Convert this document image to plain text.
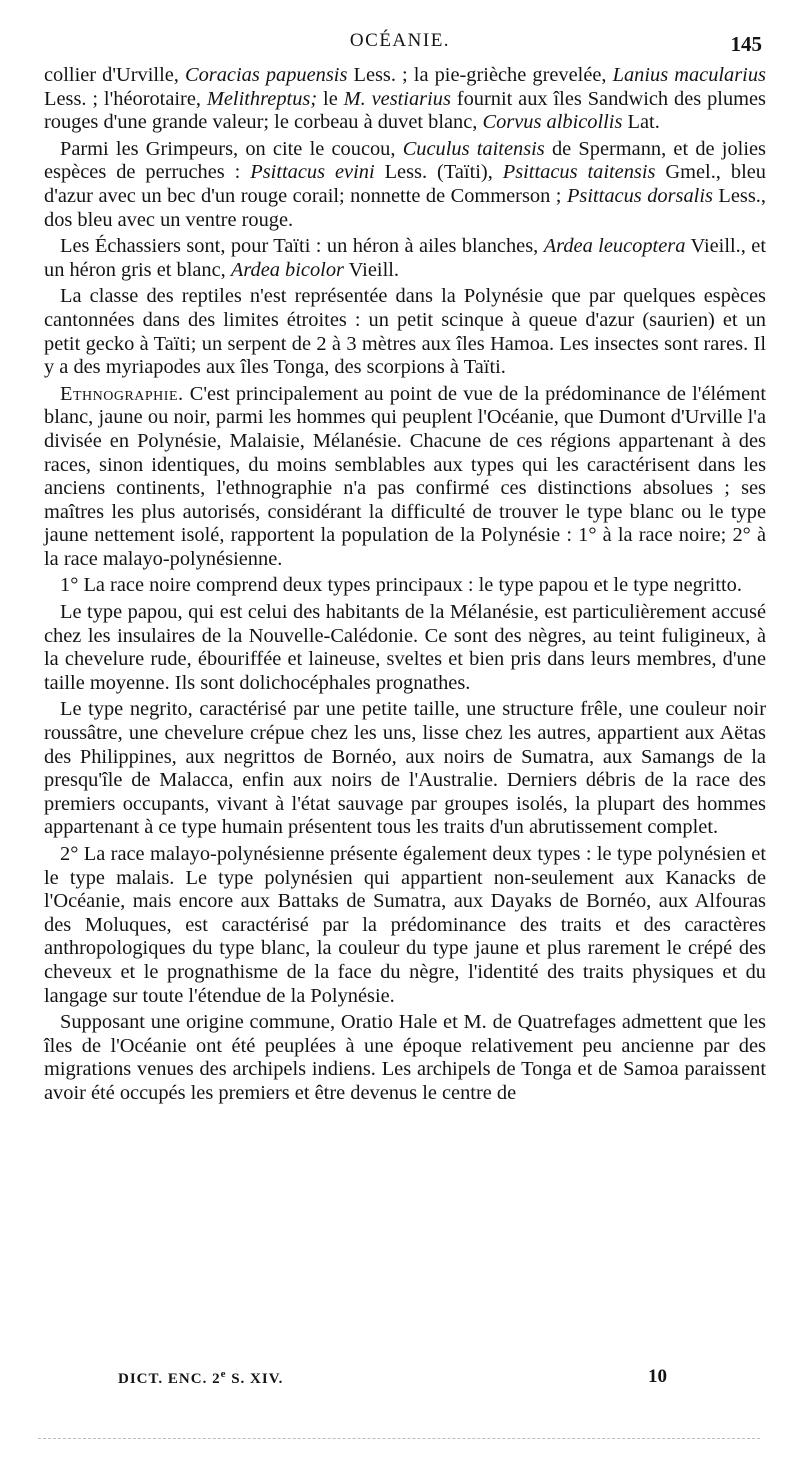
OCÉANIE.	145

collier d'Urville, Coracias papuensis Less. ; la pie-grièche grevelée, Lanius macularius Less. ; l'héorotaire, Melithreptus; le M. vestiarius fournit aux îles Sandwich des plumes rouges d'une grande valeur; le corbeau à duvet blanc, Corvus albicollis Lat.

Parmi les Grimpeurs, on cite le coucou, Cuculus taitensis de Spermann, et de jolies espèces de perruches : Psittacus evini Less. (Taïti), Psittacus taitensis Gmel., bleu d'azur avec un bec d'un rouge corail; nonnette de Commerson ; Psittacus dorsalis Less., dos bleu avec un ventre rouge.

Les Échassiers sont, pour Taïti : un héron à ailes blanches, Ardea leucoptera Vieill., et un héron gris et blanc, Ardea bicolor Vieill.

La classe des reptiles n'est représentée dans la Polynésie que par quelques espèces cantonnées dans des limites étroites : un petit scinque à queue d'azur (saurien) et un petit gecko à Taïti; un serpent de 2 à 3 mètres aux îles Hamoa. Les insectes sont rares. Il y a des myriapodes aux îles Tonga, des scorpions à Taïti.

Ethnographie. C'est principalement au point de vue de la prédominance de l'élément blanc, jaune ou noir, parmi les hommes qui peuplent l'Océanie, que Dumont d'Urville l'a divisée en Polynésie, Malaisie, Mélanésie. Chacune de ces régions appartenant à des races, sinon identiques, du moins semblables aux types qui les caractérisent dans les anciens continents, l'ethnographie n'a pas confirmé ces distinctions absolues ; ses maîtres les plus autorisés, considérant la difficulté de trouver le type blanc ou le type jaune nettement isolé, rapportent la population de la Polynésie : 1° à la race noire; 2° à la race malayo-polynésienne.

1° La race noire comprend deux types principaux : le type papou et le type negritto.

Le type papou, qui est celui des habitants de la Mélanésie, est particulièrement accusé chez les insulaires de la Nouvelle-Calédonie. Ce sont des nègres, au teint fuligineux, à la chevelure rude, ébouriffée et laineuse, sveltes et bien pris dans leurs membres, d'une taille moyenne. Ils sont dolichocéphales prognathes.

Le type negrito, caractérisé par une petite taille, une structure frêle, une couleur noir roussâtre, une chevelure crépue chez les uns, lisse chez les autres, appartient aux Aëtas des Philippines, aux negrittos de Bornéo, aux noirs de Sumatra, aux Samangs de la presqu'île de Malacca, enfin aux noirs de l'Australie. Derniers débris de la race des premiers occupants, vivant à l'état sauvage par groupes isolés, la plupart des hommes appartenant à ce type humain présentent tous les traits d'un abrutissement complet.

2° La race malayo-polynésienne présente également deux types : le type polynésien et le type malais. Le type polynésien qui appartient non-seulement aux Kanacks de l'Océanie, mais encore aux Battaks de Sumatra, aux Dayaks de Bornéo, aux Alfouras des Moluques, est caractérisé par la prédominance des traits et des caractères anthropologiques du type blanc, la couleur du type jaune et plus rarement le crépé des cheveux et le prognathisme de la face du nègre, l'identité des traits physiques et du langage sur toute l'étendue de la Polynésie.

Supposant une origine commune, Oratio Hale et M. de Quatrefages admettent que les îles de l'Océanie ont été peuplées à une époque relativement peu ancienne par des migrations venues des archipels indiens. Les archipels de Tonga et de Samoa paraissent avoir été occupés les premiers et être devenus le centre de

DICT. ENC. 2e S. XIV.	10
